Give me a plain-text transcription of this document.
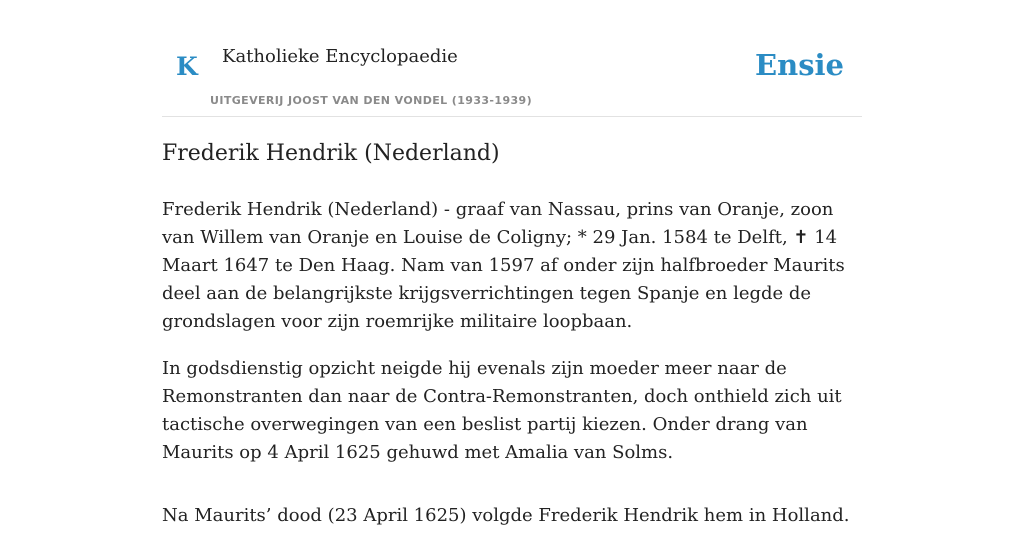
K Katholieke Encyclopaedie
UITGEVERIJ JOOST VAN DEN VONDEL (1933-1939)
Ensie
Frederik Hendrik (Nederland)

Frederik Hendrik (Nederland) - graaf van Nassau, prins van Oranje, zoon van Willem van Oranje en Louise de Coligny; * 29 Jan. 1584 te Delft, ✝ 14 Maart 1647 te Den Haag. Nam van 1597 af onder zijn halfbroeder Maurits deel aan de belangrijkste krijgsverrichtingen tegen Spanje en legde de grondslagen voor zijn roemrijke militaire loopbaan.

In godsdienstig opzicht neigde hij evenals zijn moeder meer naar de Remonstranten dan naar de Contra-Remonstranten, doch onthield zich uit tactische overwegingen van een beslist partij kiezen. Onder drang van Maurits op 4 April 1625 gehuwd met Amalia van Solms.

Na Maurits’ dood (23 April 1625) volgde Frederik Hendrik hem in Holland.
